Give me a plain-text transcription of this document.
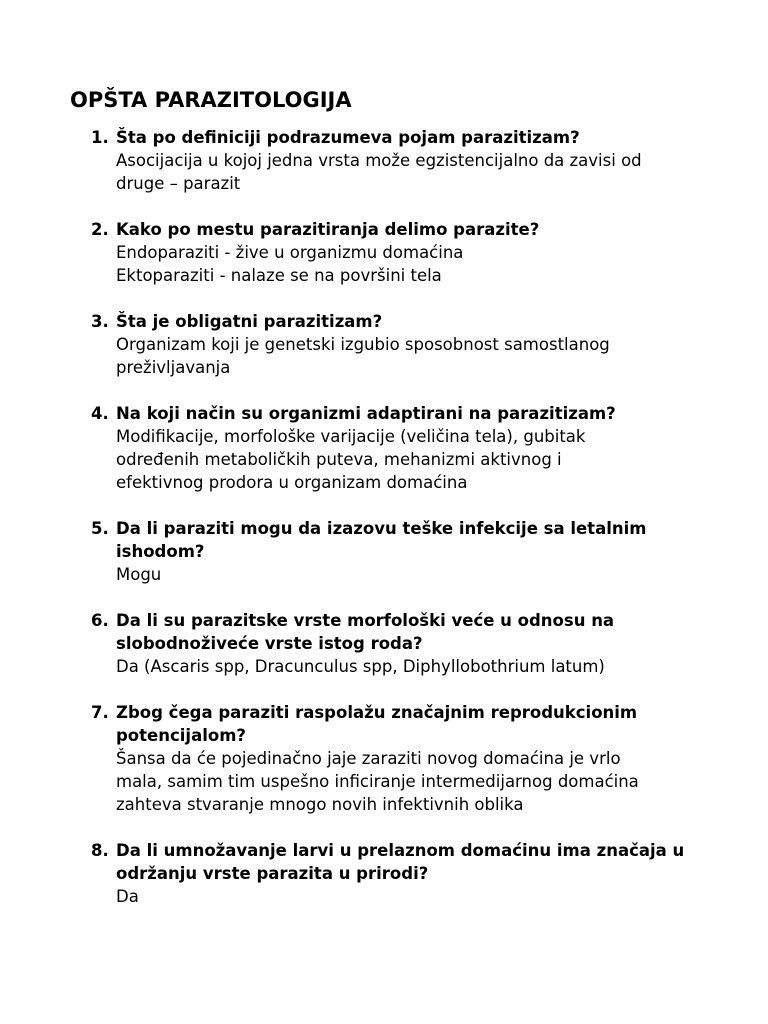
OPŠTA PARAZITOLOGIJA
1. Šta po definiciji podrazumeva pojam parazitizam?
Asocijacija u kojoj jedna vrsta može egzistencijalno da zavisi od
druge – parazit
2. Kako po mestu parazitiranja delimo parazite?
Endoparaziti - žive u organizmu domaćina
Ektoparaziti - nalaze se na površini tela
3. Šta je obligatni parazitizam?
Organizam koji je genetski izgubio sposobnost samostlanog
preživljavanja
4. Na koji način su organizmi adaptirani na parazitizam?
Modifikacije, morfološke varijacije (veličina tela), gubitak
određenih metaboličkih puteva, mehanizmi aktivnog i
efektivnog prodora u organizam domaćina
5. Da li paraziti mogu da izazovu teške infekcije sa letalnim ishodom?
Mogu
6. Da li su parazitske vrste morfološki veće u odnosu na slobodnoživeće vrste istog roda?
Da (Ascaris spp, Dracunculus spp, Diphyllobothrium latum)
7. Zbog čega paraziti raspolažu značajnim reprodukcionim potencijalom?
Šansa da će pojedinačno jaje zaraziti novog domaćina je vrlo
mala, samim tim uspešno inficiranje intermedijarnog domaćina
zahteva stvaranje mnogo novih infektivnih oblika
8. Da li umnožavanje larvi u prelaznom domaćinu ima značaja u održanju vrste parazita u prirodi?
Da
